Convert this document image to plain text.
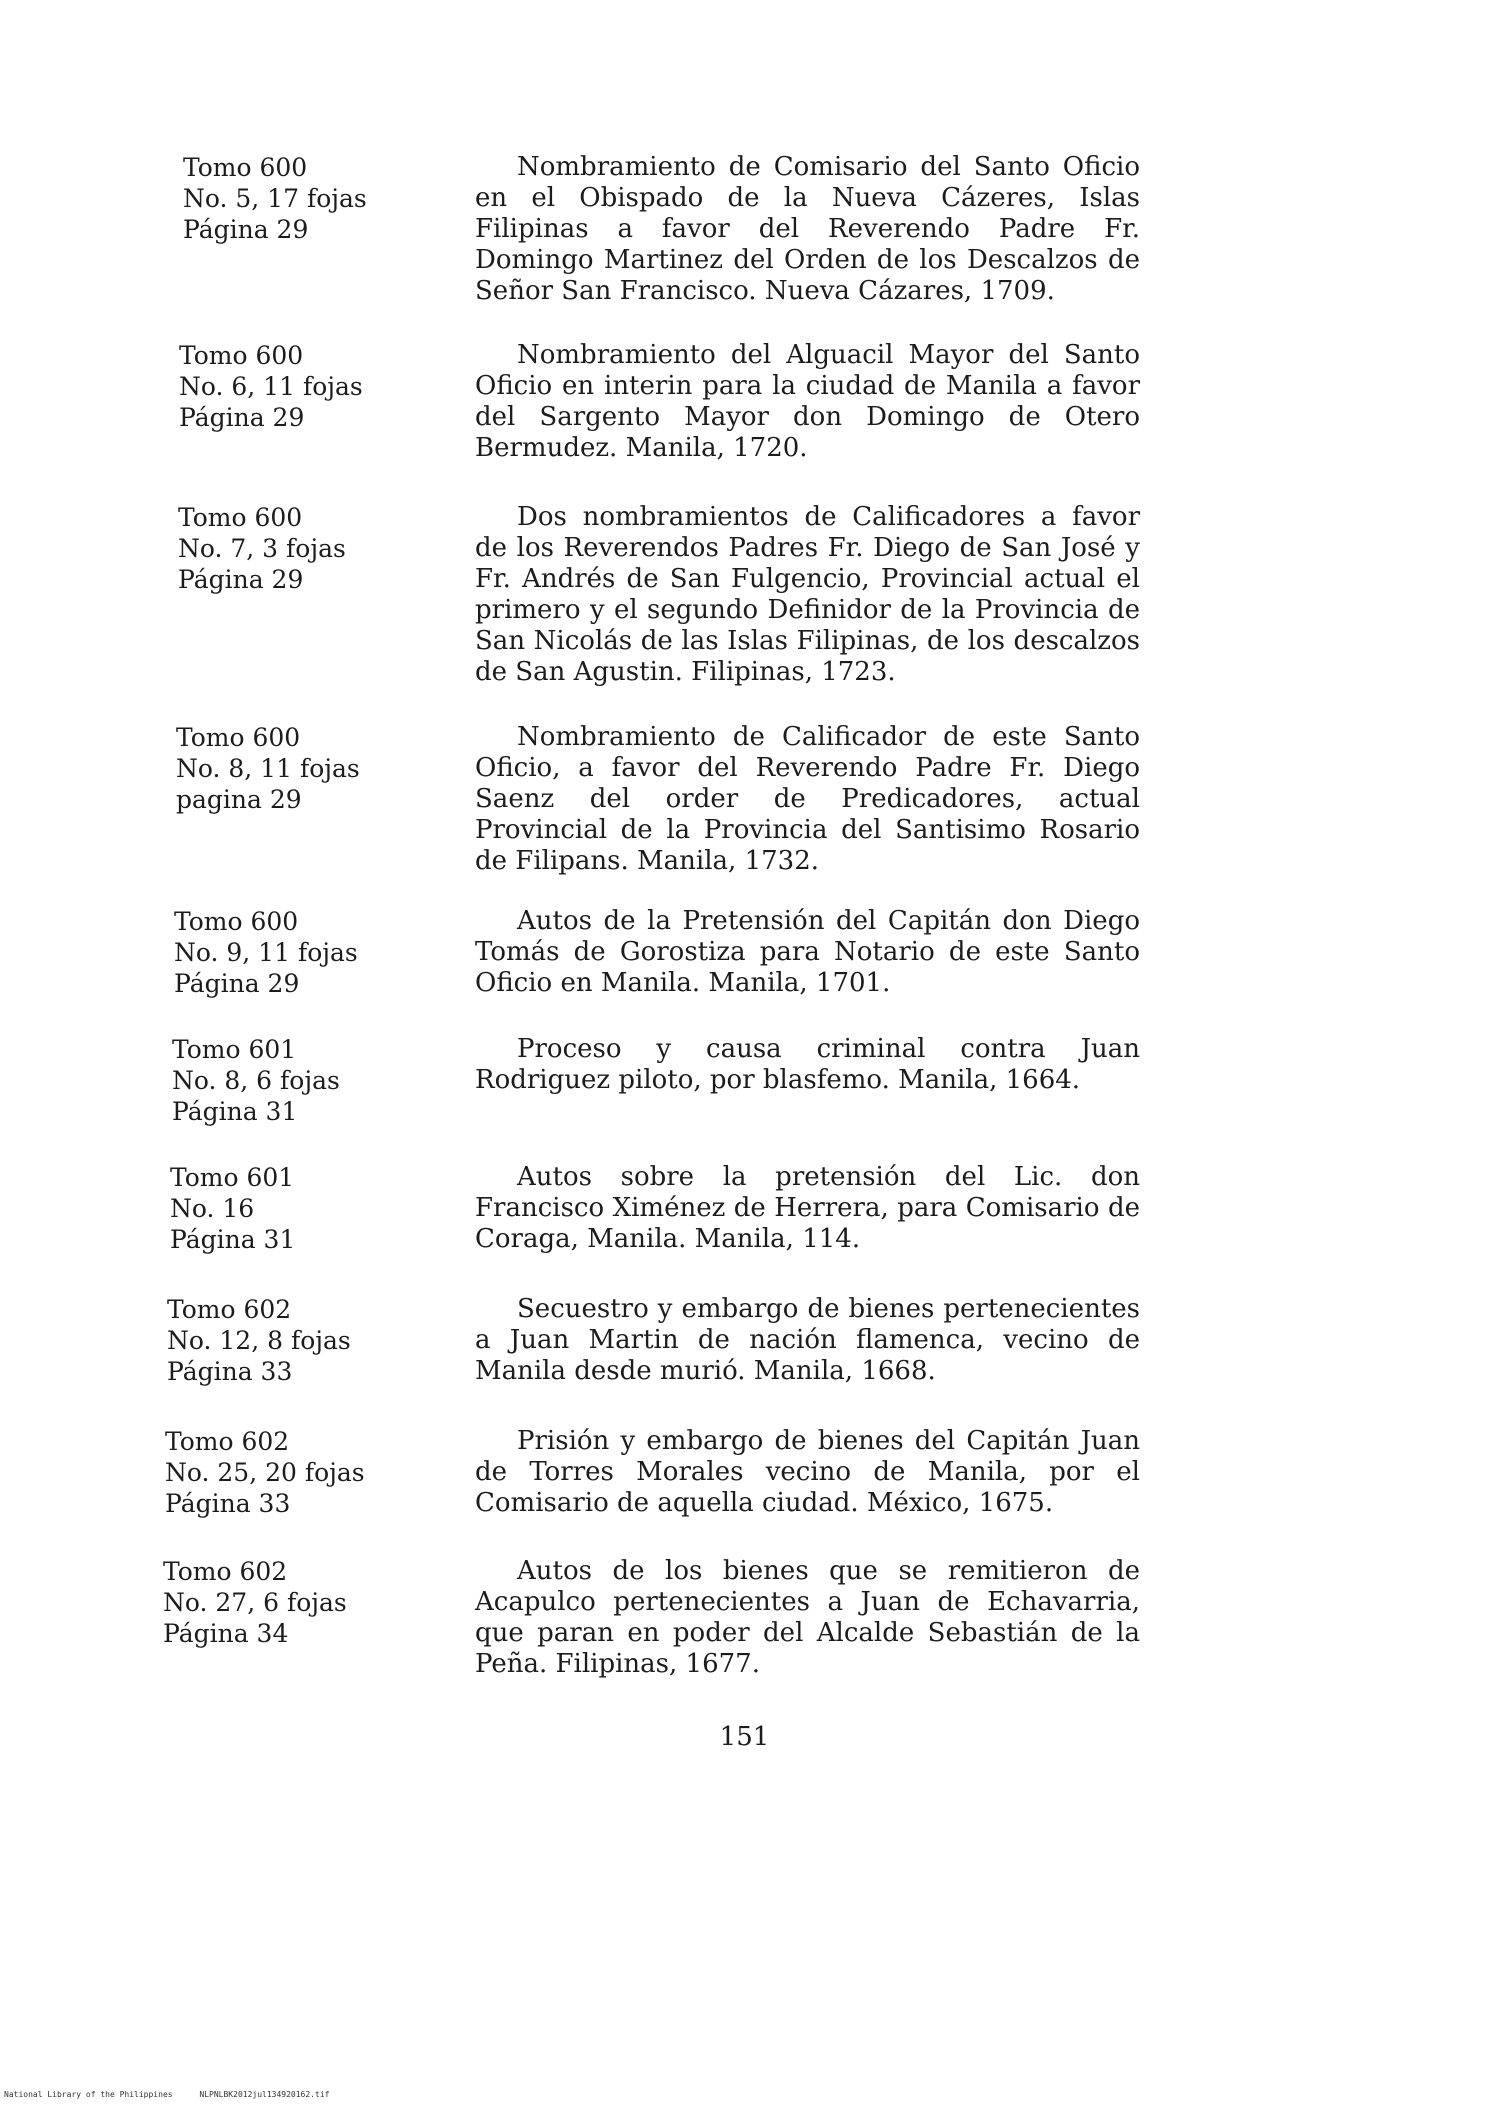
Tomo 600
No. 5, 17 fojas
Página 29
Nombramiento de Comisario del Santo Oficio en el Obispado de la Nueva Cázeres, Islas Filipinas a favor del Reverendo Padre Fr. Domingo Martinez del Orden de los Descalzos de Señor San Francisco. Nueva Cázares, 1709.
Tomo 600
No. 6, 11 fojas
Página 29
Nombramiento del Alguacil Mayor del Santo Oficio en interin para la ciudad de Manila a favor del Sargento Mayor don Domingo de Otero Bermudez. Manila, 1720.
Tomo 600
No. 7, 3 fojas
Página 29
Dos nombramientos de Calificadores a favor de los Reverendos Padres Fr. Diego de San José y Fr. Andrés de San Fulgencio, Provincial actual el primero y el segundo Definidor de la Provincia de San Nicolás de las Islas Filipinas, de los descalzos de San Agustin. Filipinas, 1723.
Tomo 600
No. 8, 11 fojas
pagina 29
Nombramiento de Calificador de este Santo Oficio, a favor del Reverendo Padre Fr. Diego Saenz del order de Predicadores, actual Provincial de la Provincia del Santisimo Rosario de Filipans. Manila, 1732.
Tomo 600
No. 9, 11 fojas
Página 29
Autos de la Pretensión del Capitán don Diego Tomás de Gorostiza para Notario de este Santo Oficio en Manila. Manila, 1701.
Tomo 601
No. 8, 6 fojas
Página 31
Proceso y causa criminal contra Juan Rodriguez piloto, por blasfemo. Manila, 1664.
Tomo 601
No. 16
Página 31
Autos sobre la pretensión del Lic. don Francisco Ximénez de Herrera, para Comisario de Coraga, Manila. Manila, 114.
Tomo 602
No. 12, 8 fojas
Página 33
Secuestro y embargo de bienes pertenecientes a Juan Martin de nación flamenca, vecino de Manila desde murió. Manila, 1668.
Tomo 602
No. 25, 20 fojas
Página 33
Prisión y embargo de bienes del Capitán Juan de Torres Morales vecino de Manila, por el Comisario de aquella ciudad. México, 1675.
Tomo 602
No. 27, 6 fojas
Página 34
Autos de los bienes que se remitieron de Acapulco pertenecientes a Juan de Echavarria, que paran en poder del Alcalde Sebastián de la Peña. Filipinas, 1677.
151
National Library of the Philippines	NLPNLBK2012jul134920162.tif
